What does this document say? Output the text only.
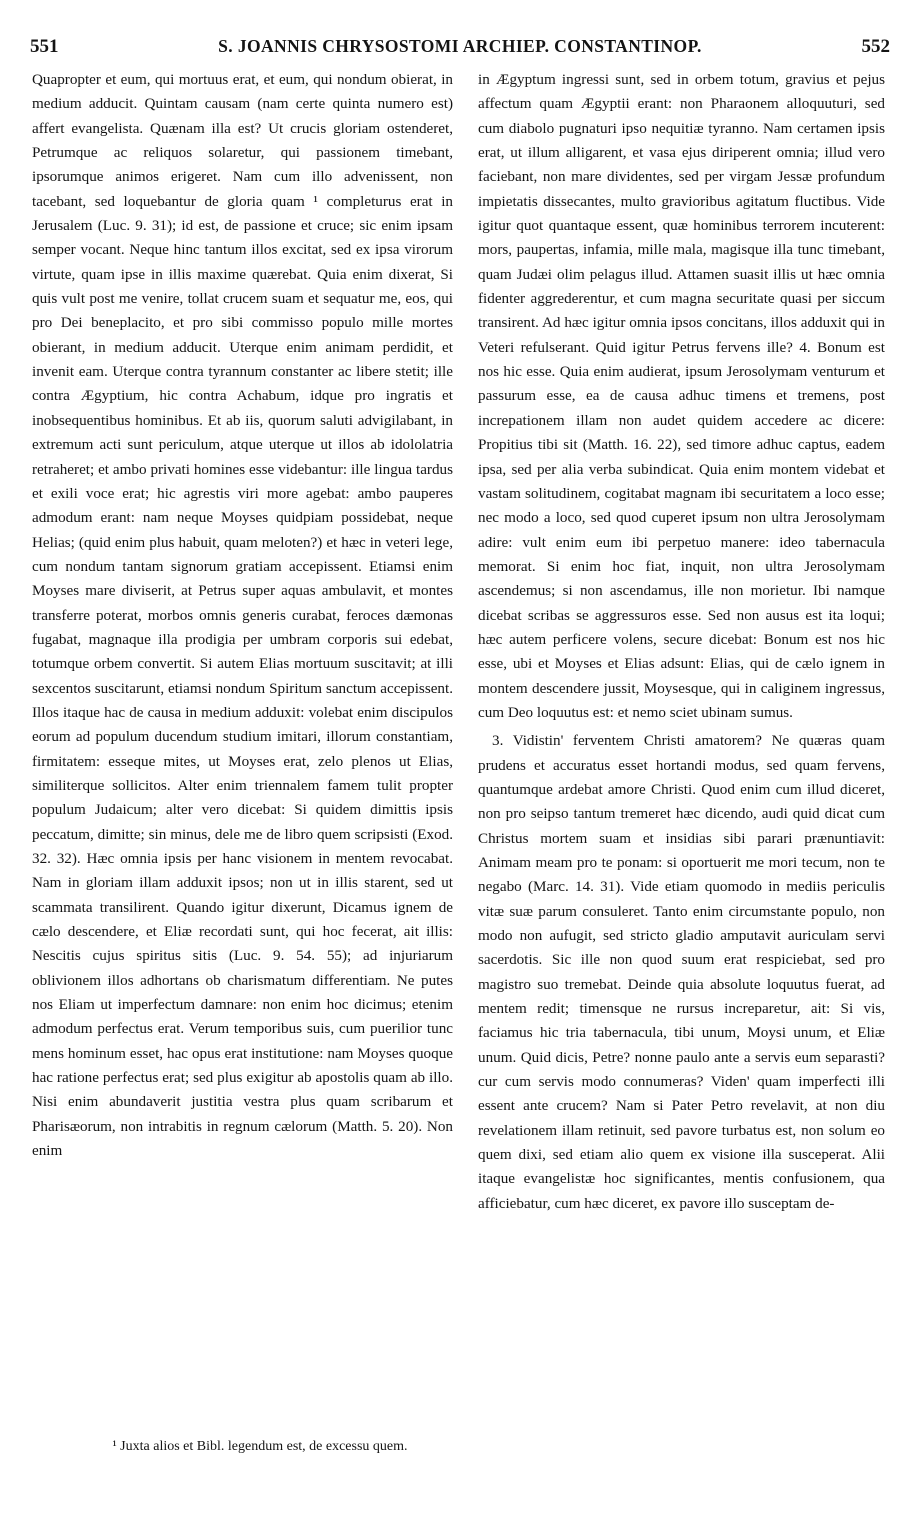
551	S. JOANNIS CHRYSOSTOMI ARCHIEP. CONSTANTINOP.	552

Quapropter et eum, qui mortuus erat, et eum, qui nondum obierat, in medium adducit. Quintam causam (nam certe quinta numero est) affert evangelista. Quænam illa est? Ut crucis gloriam ostenderet, Petrumque ac reliquos solaretur, qui passionem timebant, ipsorumque animos erigeret. Nam cum illo advenissent, non tacebant, sed loquebantur de gloria quam ¹ completurus erat in Jerusalem (Luc. 9. 31); id est, de passione et cruce; sic enim ipsam semper vocant. Neque hinc tantum illos excitat, sed ex ipsa virorum virtute, quam ipse in illis maxime quærebat. Quia enim dixerat, Si quis vult post me venire, tollat crucem suam et sequatur me, eos, qui pro Dei beneplacito, et pro sibi commisso populo mille mortes obierant, in medium adducit. Uterque enim animam perdidit, et invenit eam. Uterque contra tyrannum constanter ac libere stetit; ille contra Ægyptium, hic contra Achabum, idque pro ingratis et inobsequentibus hominibus. Et ab iis, quorum saluti advigilabant, in extremum acti sunt periculum, atque uterque ut illos ab idololatria retraheret; et ambo privati homines esse videbantur: ille lingua tardus et exili voce erat; hic agrestis viri more agebat: ambo pauperes admodum erant: nam neque Moyses quidpiam possidebat, neque Helias; (quid enim plus habuit, quam meloten?) et hæc in veteri lege, cum nondum tantam signorum gratiam accepissent. Etiamsi enim Moyses mare diviserit, at Petrus super aquas ambulavit, et montes transferre poterat, morbos omnis generis curabat, feroces dæmonas fugabat, magnaque illa prodigia per umbram corporis sui edebat, totumque orbem convertit. Si autem Elias mortuum suscitavit; at illi sexcentos suscitarunt, etiamsi nondum Spiritum sanctum accepissent. Illos itaque hac de causa in medium adduxit: volebat enim discipulos eorum ad populum ducendum studium imitari, illorum constantiam, firmitatem: esseque mites, ut Moyses erat, zelo plenos ut Elias, similiterque sollicitos. Alter enim triennalem famem tulit propter populum Judaicum; alter vero dicebat: Si quidem dimittis ipsis peccatum, dimitte; sin minus, dele me de libro quem scripsisti (Exod. 32. 32). Hæc omnia ipsis per hanc visionem in mentem revocabat. Nam in gloriam illam adduxit ipsos; non ut in illis starent, sed ut scammata transilirent. Quando igitur dixerunt, Dicamus ignem de cælo descendere, et Eliæ recordati sunt, qui hoc fecerat, ait illis: Nescitis cujus spiritus sitis (Luc. 9. 54. 55); ad injuriarum oblivionem illos adhortans ob charismatum differentiam. Ne putes nos Eliam ut imperfectum damnare: non enim hoc dicimus; etenim admodum perfectus erat. Verum temporibus suis, cum puerilior tunc mens hominum esset, hac opus erat institutione: nam Moyses quoque hac ratione perfectus erat; sed plus exigitur ab apostolis quam ab illo. Nisi enim abundaverit justitia vestra plus quam scribarum et Pharisæorum, non intrabitis in regnum cælorum (Matth. 5. 20). Non enim

in Ægyptum ingressi sunt, sed in orbem totum, gravius et pejus affectum quam Ægyptii erant: non Pharaonem alloquuturi, sed cum diabolo pugnaturi ipso nequitiæ tyranno. Nam certamen ipsis erat, ut illum alligarent, et vasa ejus diriperent omnia; illud vero faciebant, non mare dividentes, sed per virgam Jessæ profundum impietatis dissecantes, multo gravioribus agitatum fluctibus. Vide igitur quot quantaque essent, quæ hominibus terrorem incuterent: mors, paupertas, infamia, mille mala, magisque illa tunc timebant, quam Judæi olim pelagus illud. Attamen suasit illis ut hæc omnia fidenter aggrederentur, et cum magna securitate quasi per siccum transirent. Ad hæc igitur omnia ipsos concitans, illos adduxit qui in Veteri refulserant. Quid igitur Petrus fervens ille? 4. Bonum est nos hic esse. Quia enim audierat, ipsum Jerosolymam venturum et passurum esse, ea de causa adhuc timens et tremens, post increpationem illam non audet quidem accedere ac dicere: Propitius tibi sit (Matth. 16. 22), sed timore adhuc captus, eadem ipsa, sed per alia verba subindicat. Quia enim montem videbat et vastam solitudinem, cogitabat magnam ibi securitatem a loco esse; nec modo a loco, sed quod cuperet ipsum non ultra Jerosolymam adire: vult enim eum ibi perpetuo manere: ideo tabernacula memorat. Si enim hoc fiat, inquit, non ultra Jerosolymam ascendemus; si non ascendamus, ille non morietur. Ibi namque dicebat scribas se aggressuros esse. Sed non ausus est ita loqui; hæc autem perficere volens, secure dicebat: Bonum est nos hic esse, ubi et Moyses et Elias adsunt: Elias, qui de cælo ignem in montem descendere jussit, Moysesque, qui in caliginem ingressus, cum Deo loquutus est: et nemo sciet ubinam sumus.

3. Vidistin' ferventem Christi amatorem? Ne quæras quam prudens et accuratus esset hortandi modus, sed quam fervens, quantumque ardebat amore Christi. Quod enim cum illud diceret, non pro seipso tantum tremeret hæc dicendo, audi quid dicat cum Christus mortem suam et insidias sibi parari prænuntiavit: Animam meam pro te ponam: si oportuerit me mori tecum, non te negabo (Marc. 14. 31). Vide etiam quomodo in mediis periculis vitæ suæ parum consuleret. Tanto enim circumstante populo, non modo non aufugit, sed stricto gladio amputavit auriculam servi sacerdotis. Sic ille non quod suum erat respiciebat, sed pro magistro suo tremebat. Deinde quia absolute loquutus fuerat, ad mentem redit; timensque ne rursus increparetur, ait: Si vis, faciamus hic tria tabernacula, tibi unum, Moysi unum, et Eliæ unum. Quid dicis, Petre? nonne paulo ante a servis eum separasti? cur cum servis modo connumeras? Viden' quam imperfecti illi essent ante crucem? Nam si Pater Petro revelavit, at non diu revelationem illam retinuit, sed pavore turbatus est, non solum eo quem dixi, sed etiam alio quem ex visione illa susceperat. Alii itaque evangelistæ hoc significantes, mentis confusionem, qua afficiebatur, cum hæc diceret, ex pavore illo susceptam de-

¹ Juxta alios et Bibl. legendum est, de excessu quem.
